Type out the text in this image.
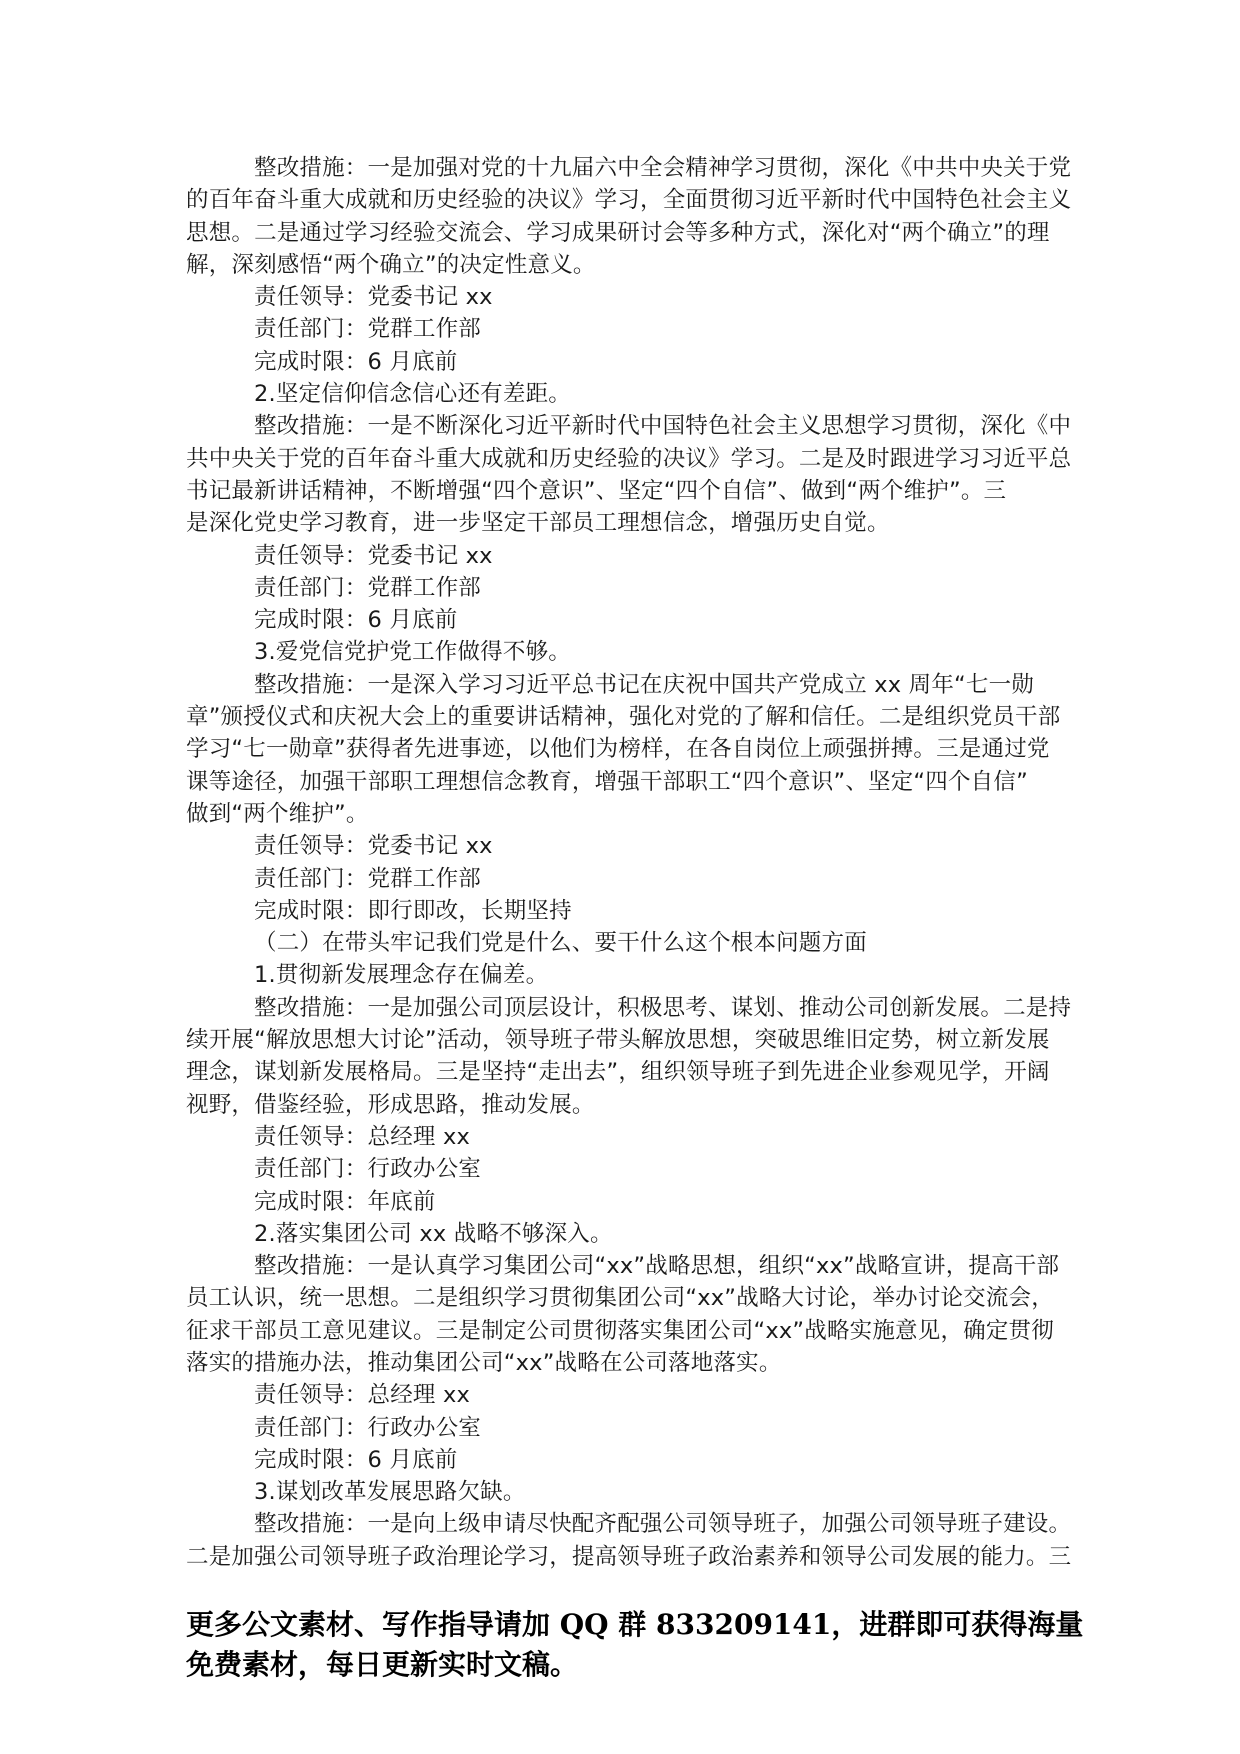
整改措施：一是加强对党的十九届六中全会精神学习贯彻，深化《中共中央关于党
的百年奋斗重大成就和历史经验的决议》学习，全面贯彻习近平新时代中国特色社会主义
思想。二是通过学习经验交流会、学习成果研讨会等多种方式，深化对“两个确立”的理
解，深刻感悟“两个确立”的决定性意义。
责任领导：党委书记 xx
责任部门：党群工作部
完成时限：6 月底前
2.坚定信仰信念信心还有差距。
整改措施：一是不断深化习近平新时代中国特色社会主义思想学习贯彻，深化《中
共中央关于党的百年奋斗重大成就和历史经验的决议》学习。二是及时跟进学习习近平总
书记最新讲话精神，不断增强“四个意识”、坚定“四个自信”、做到“两个维护”。三
是深化党史学习教育，进一步坚定干部员工理想信念，增强历史自觉。
责任领导：党委书记 xx
责任部门：党群工作部
完成时限：6 月底前
3.爱党信党护党工作做得不够。
整改措施：一是深入学习习近平总书记在庆祝中国共产党成立 xx 周年“七一勋
章”颁授仪式和庆祝大会上的重要讲话精神，强化对党的了解和信任。二是组织党员干部
学习“七一勋章”获得者先进事迹，以他们为榜样，在各自岗位上顽强拼搏。三是通过党
课等途径，加强干部职工理想信念教育，增强干部职工“四个意识”、坚定“四个自信”
做到“两个维护”。
责任领导：党委书记 xx
责任部门：党群工作部
完成时限：即行即改，长期坚持
（二）在带头牢记我们党是什么、要干什么这个根本问题方面
1.贯彻新发展理念存在偏差。
整改措施：一是加强公司顶层设计，积极思考、谋划、推动公司创新发展。二是持
续开展“解放思想大讨论”活动，领导班子带头解放思想，突破思维旧定势，树立新发展
理念，谋划新发展格局。三是坚持“走出去”，组织领导班子到先进企业参观见学，开阔
视野，借鉴经验，形成思路，推动发展。
责任领导：总经理 xx
责任部门：行政办公室
完成时限：年底前
2.落实集团公司 xx 战略不够深入。
整改措施：一是认真学习集团公司“xx”战略思想，组织“xx”战略宣讲，提高干部
员工认识，统一思想。二是组织学习贯彻集团公司“xx”战略大讨论，举办讨论交流会，
征求干部员工意见建议。三是制定公司贯彻落实集团公司“xx”战略实施意见，确定贯彻
落实的措施办法，推动集团公司“xx”战略在公司落地落实。
责任领导：总经理 xx
责任部门：行政办公室
完成时限：6 月底前
3.谋划改革发展思路欠缺。
整改措施：一是向上级申请尽快配齐配强公司领导班子，加强公司领导班子建设。
二是加强公司领导班子政治理论学习，提高领导班子政治素养和领导公司发展的能力。三
更多公文素材、写作指导请加 QQ 群 833209141，进群即可获得海量
免费素材，每日更新实时文稿。
